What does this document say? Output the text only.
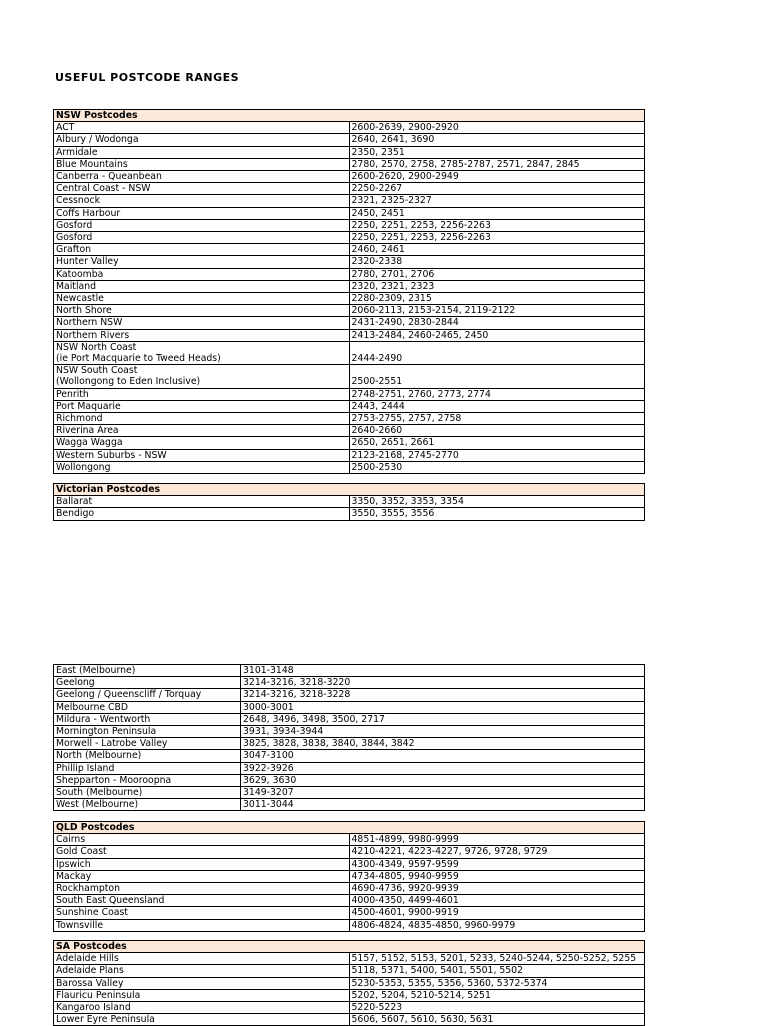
USEFUL POSTCODE RANGES
NSW Postcodes	
ACT	2600-2639, 2900-2920
Albury / Wodonga	2640, 2641, 3690
Armidale	2350, 2351
Blue Mountains	2780, 2570, 2758, 2785-2787, 2571, 2847, 2845
Canberra - Queanbean	2600-2620, 2900-2949
Central Coast - NSW	2250-2267
Cessnock	2321, 2325-2327
Coffs Harbour	2450, 2451
Gosford	2250, 2251, 2253, 2256-2263
Gosford	2250, 2251, 2253, 2256-2263
Grafton	2460, 2461
Hunter Valley	2320-2338
Katoomba	2780, 2701, 2706
Maitland	2320, 2321, 2323
Newcastle	2280-2309, 2315
North Shore	2060-2113, 2153-2154, 2119-2122
Northern NSW	2431-2490, 2830-2844
Northern Rivers	2413-2484, 2460-2465, 2450

NSW North Coast
(ie Port Macquarie to Tweed Heads)	2444-2490

NSW South Coast
(Wollongong to Eden Inclusive)	2500-2551
Penrith	2748-2751, 2760, 2773, 2774
Port Maquarie	2443, 2444
Richmond	2753-2755, 2757, 2758
Riverina Area	2640-2660
Wagga Wagga	2650, 2651, 2661
Western Suburbs - NSW	2123-2168, 2745-2770
Wollongong	2500-2530
Victorian Postcodes	
Ballarat	3350, 3352, 3353, 3354
Bendigo	3550, 3555, 3556
East (Melbourne)	3101-3148
Geelong	3214-3216, 3218-3220
Geelong / Queenscliff / Torquay	3214-3216, 3218-3228
Melbourne CBD	3000-3001
Mildura - Wentworth	2648, 3496, 3498, 3500, 2717
Mornington Peninsula	3931, 3934-3944
Morwell - Latrobe Valley	3825, 3828, 3838, 3840, 3844, 3842
North (Melbourne)	3047-3100
Phillip Island	3922-3926
Shepparton - Mooroopna	3629, 3630
South (Melbourne)	3149-3207
West (Melbourne)	3011-3044
QLD Postcodes	
Cairns	4851-4899, 9980-9999
Gold Coast	4210-4221, 4223-4227, 9726, 9728, 9729
Ipswich	4300-4349, 9597-9599
Mackay	4734-4805, 9940-9959
Rockhampton	4690-4736, 9920-9939
South East Queensland	4000-4350, 4499-4601
Sunshine Coast	4500-4601, 9900-9919
Townsville	4806-4824, 4835-4850, 9960-9979
SA Postcodes	
Adelaide Hills	5157, 5152, 5153, 5201, 5233, 5240-5244, 5250-5252, 5255
Adelaide Plans	5118, 5371, 5400, 5401, 5501, 5502
Barossa Valley	5230-5353, 5355, 5356, 5360, 5372-5374
Flauricu Peninsula	5202, 5204, 5210-5214, 5251
Kangaroo Island	5220-5223
Lower Eyre Peninsula	5606, 5607, 5610, 5630, 5631
